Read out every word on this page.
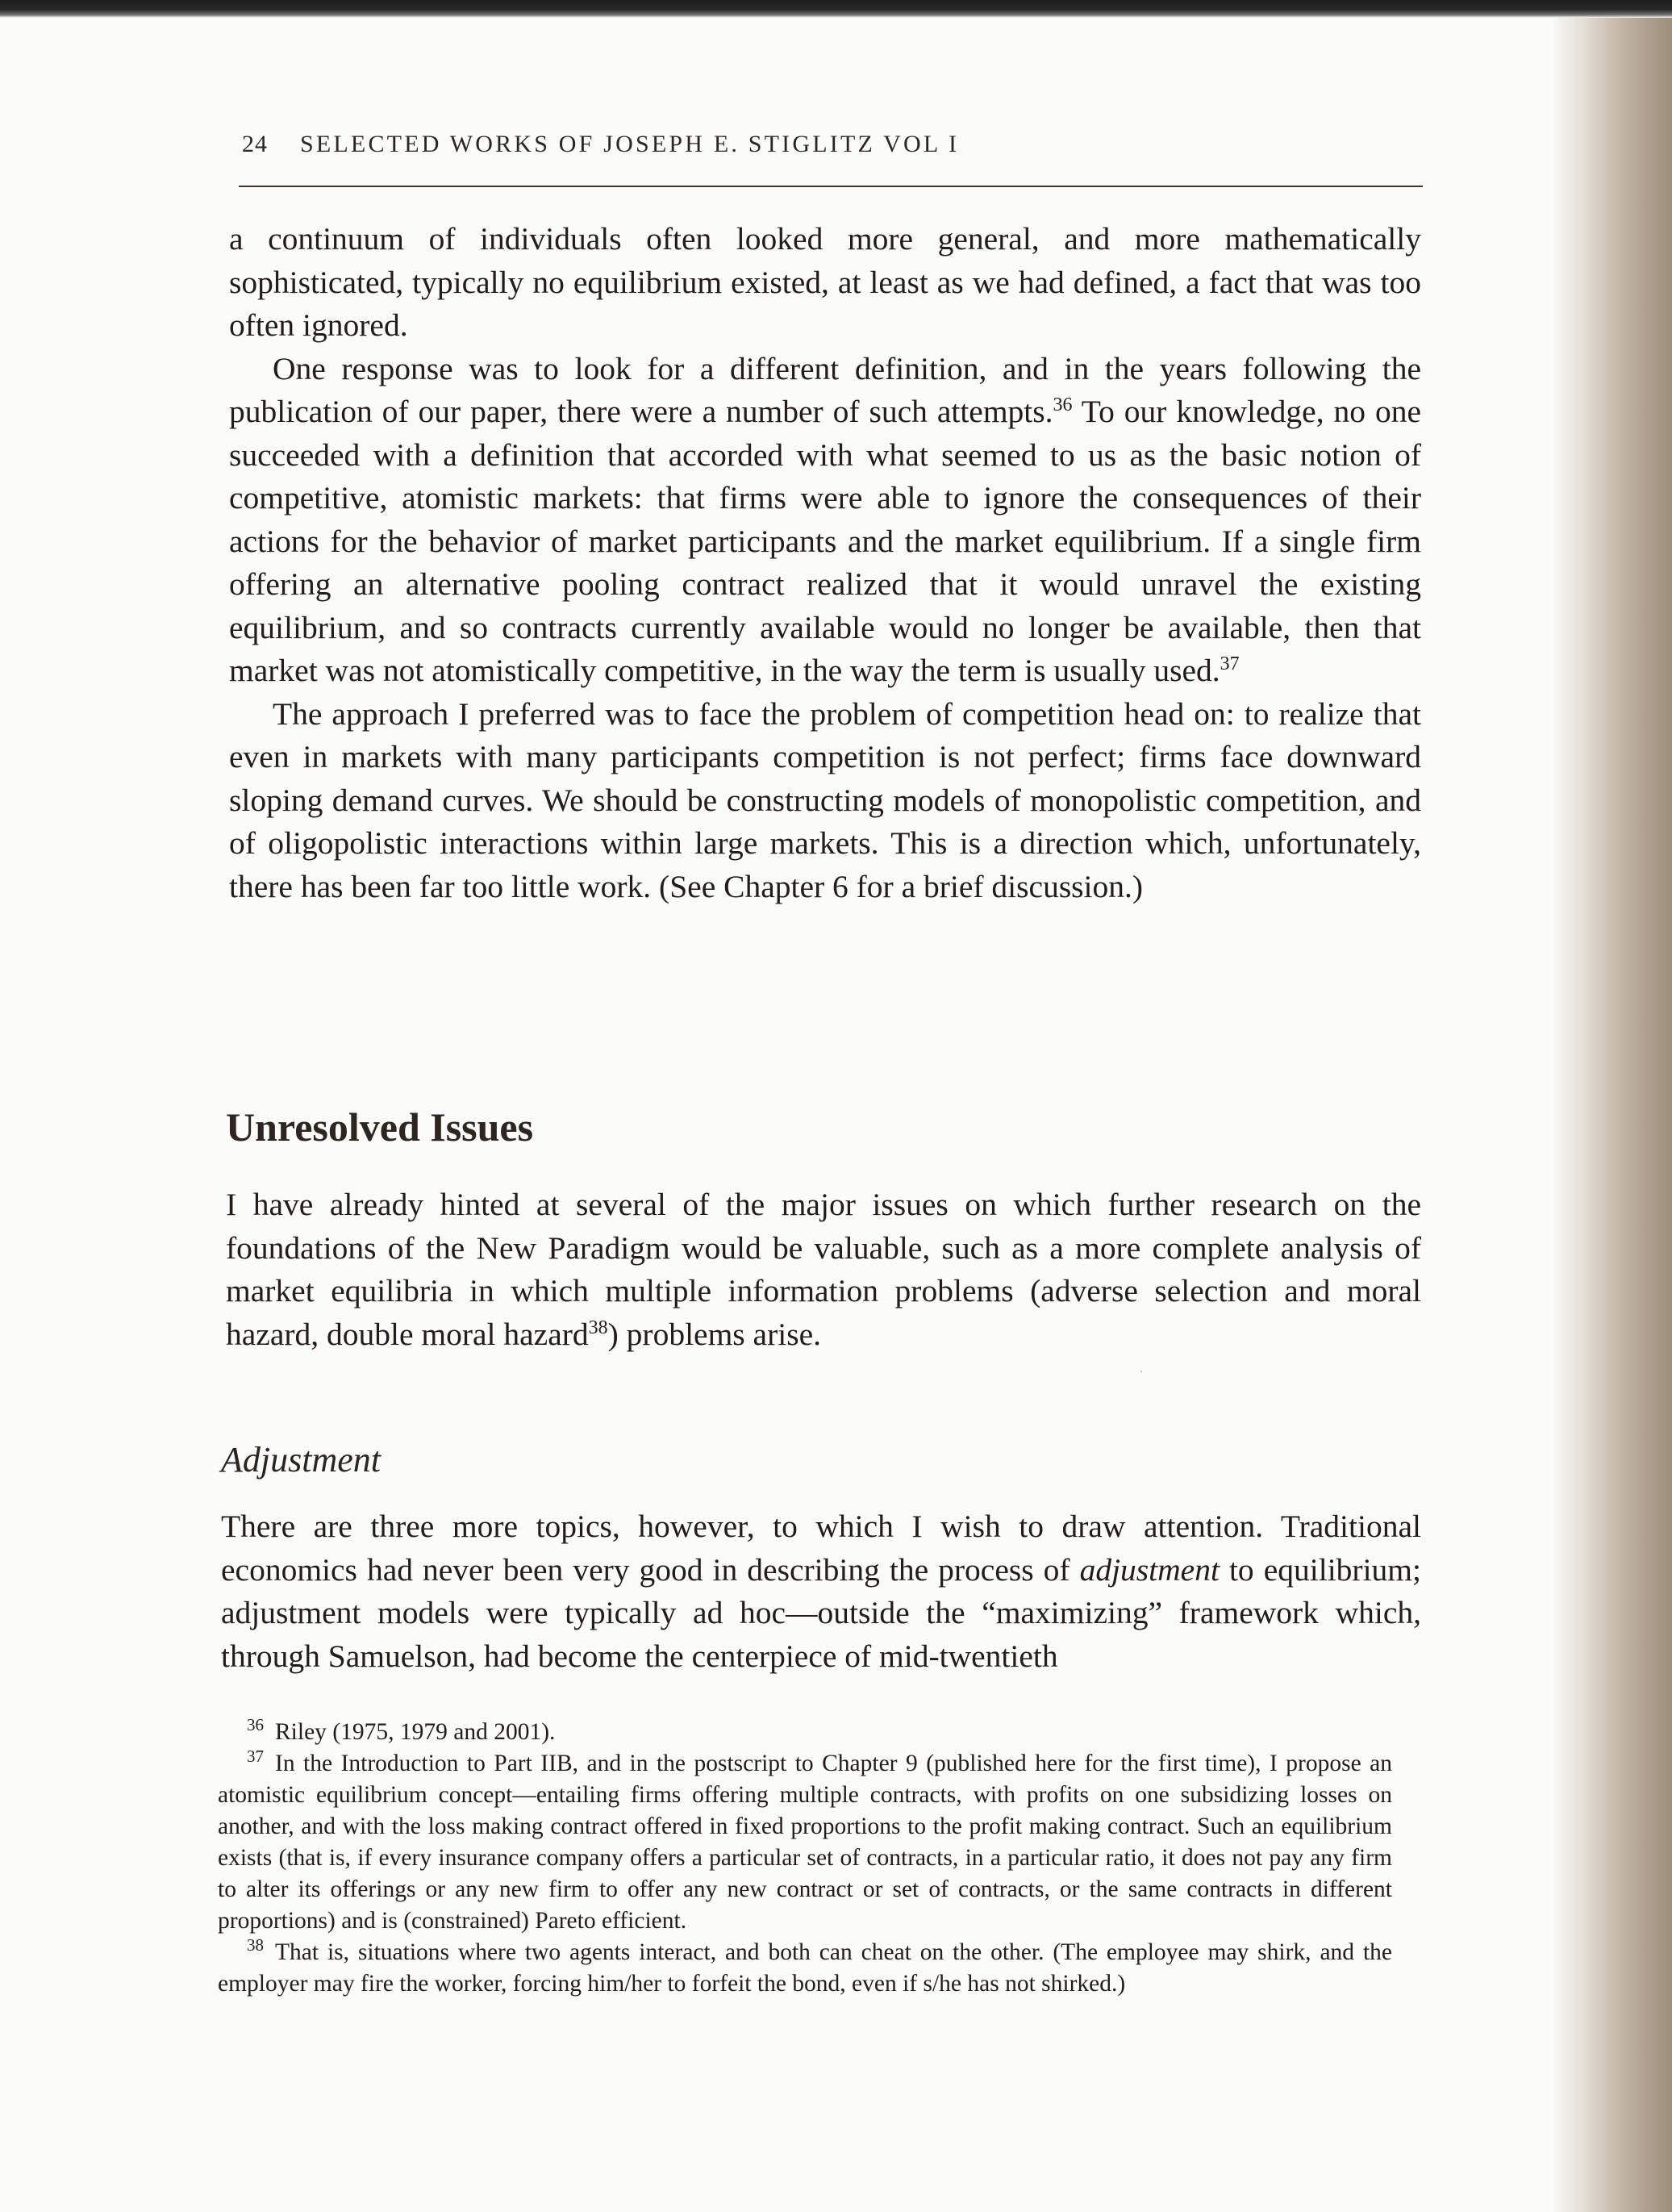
24 SELECTED WORKS OF JOSEPH E. STIGLITZ VOL I

a continuum of individuals often looked more general, and more mathematically sophisticated, typically no equilibrium existed, at least as we had defined, a fact that was too often ignored.

One response was to look for a different definition, and in the years following the publication of our paper, there were a number of such attempts.$^{36}$ To our knowledge, no one succeeded with a definition that accorded with what seemed to us as the basic notion of competitive, atomistic markets: that firms were able to ignore the consequences of their actions for the behavior of market participants and the market equilibrium. If a single firm offering an alternative pooling contract realized that it would unravel the existing equilibrium, and so contracts currently available would no longer be available, then that market was not atomistically competitive, in the way the term is usually used.$^{37}$

The approach I preferred was to face the problem of competition head on: to realize that even in markets with many participants competition is not perfect; firms face downward sloping demand curves. We should be constructing models of monopolistic competition, and of oligopolistic interactions within large markets. This is a direction which, unfortunately, there has been far too little work. (See Chapter 6 for a brief discussion.)

Unresolved Issues

I have already hinted at several of the major issues on which further research on the foundations of the New Paradigm would be valuable, such as a more complete analysis of market equilibria in which multiple information problems (adverse selection and moral hazard, double moral hazard$^{38}$) problems arise.

·
Adjustment

There are three more topics, however, to which I wish to draw attention. Traditional economics had never been very good in describing the process of adjustment to equilibrium; adjustment models were typically ad hoc—outside the “maximizing” framework which, through Samuelson, had become the centerpiece of mid-twentieth

$^{36}$ Riley (1975, 1979 and 2001).

$^{37}$ In the Introduction to Part IIB, and in the postscript to Chapter 9 (published here for the first time), I propose an atomistic equilibrium concept—entailing firms offering multiple contracts, with profits on one subsidizing losses on another, and with the loss making contract offered in fixed proportions to the profit making contract. Such an equilibrium exists (that is, if every insurance company offers a particular set of contracts, in a particular ratio, it does not pay any firm to alter its offerings or any new firm to offer any new contract or set of contracts, or the same contracts in different proportions) and is (constrained) Pareto efficient.

$^{38}$ That is, situations where two agents interact, and both can cheat on the other. (The employee may shirk, and the employer may fire the worker, forcing him/her to forfeit the bond, even if s/he has not shirked.)
